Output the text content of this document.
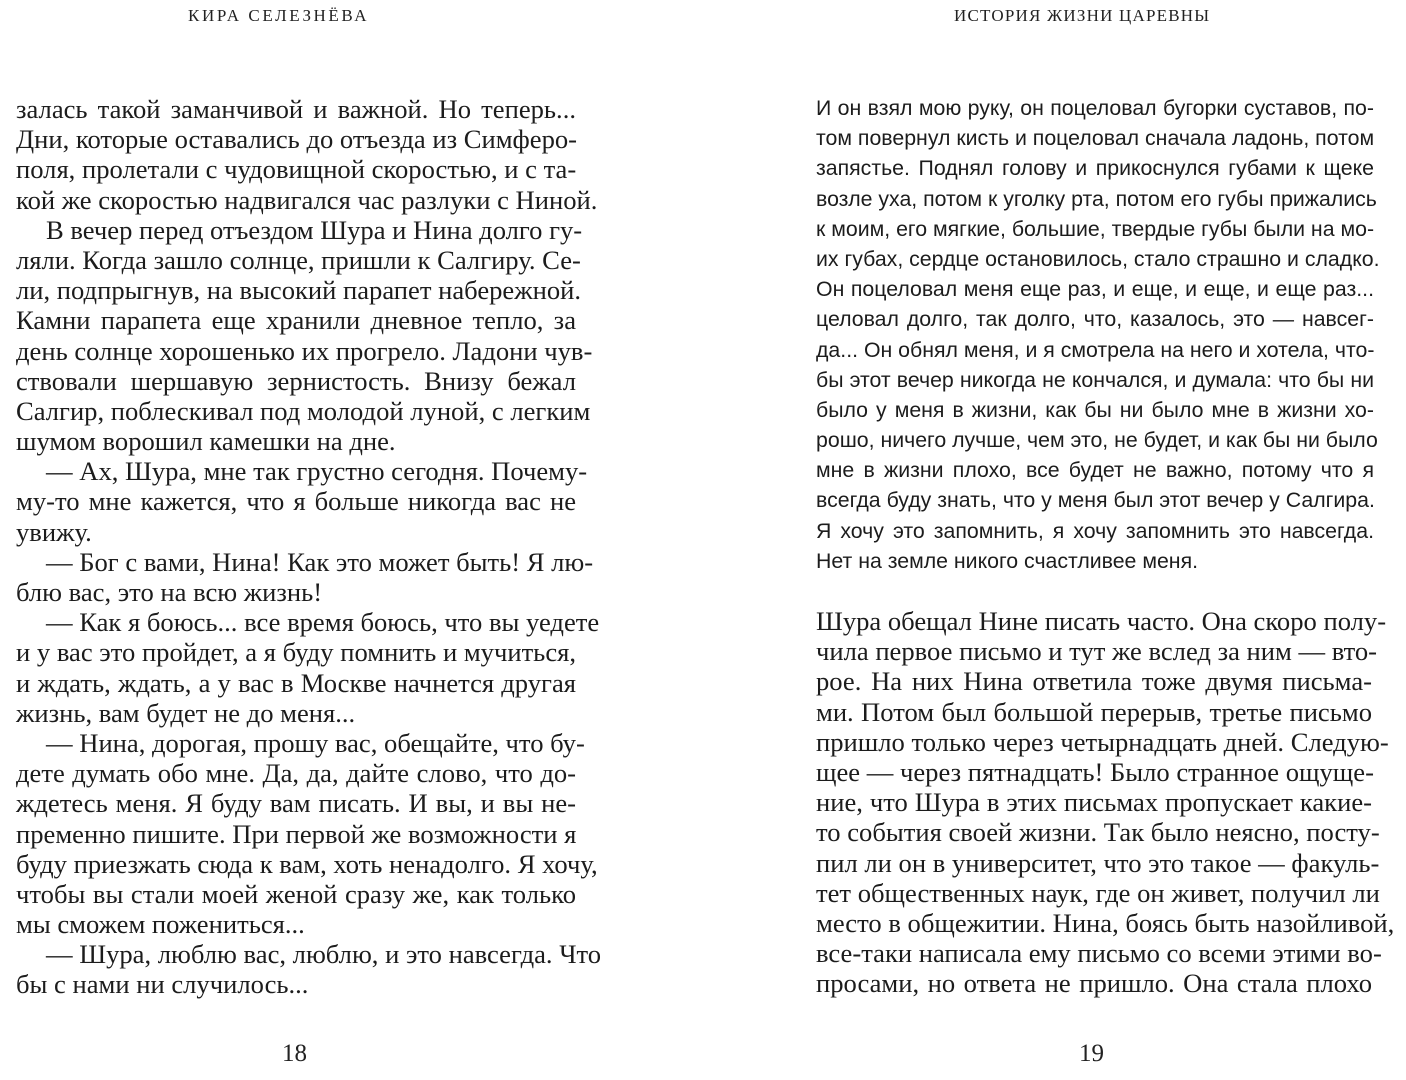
КИРА СЕЛЕЗНЁВА	ИСТОРИЯ ЖИЗНИ ЦАРЕВНЫ
залась такой заманчивой и важной. Но теперь...
Дни, которые оставались до отъезда из Симферо-
поля, пролетали с чудовищной скоростью, и с та-
кой же скоростью надвигался час разлуки с Ниной.
В вечер перед отъездом Шура и Нина долго гу-
ляли. Когда зашло солнце, пришли к Салгиру. Се-
ли, подпрыгнув, на высокий парапет набережной.
Камни парапета еще хранили дневное тепло, за
день солнце хорошенько их прогрело. Ладони чув-
ствовали шершавую зернистость. Внизу бежал
Салгир, поблескивал под молодой луной, с легким
шумом ворошил камешки на дне.
— Ах, Шура, мне так грустно сегодня. Почему-
му-то мне кажется, что я больше никогда вас не
увижу.
— Бог с вами, Нина! Как это может быть! Я лю-
блю вас, это на всю жизнь!
— Как я боюсь... все время боюсь, что вы уедете
и у вас это пройдет, а я буду помнить и мучиться,
и ждать, ждать, а у вас в Москве начнется другая
жизнь, вам будет не до меня...
— Нина, дорогая, прошу вас, обещайте, что бу-
дете думать обо мне. Да, да, дайте слово, что до-
ждетесь меня. Я буду вам писать. И вы, и вы не-
пременно пишите. При первой же возможности я
буду приезжать сюда к вам, хоть ненадолго. Я хочу,
чтобы вы стали моей женой сразу же, как только
мы сможем пожениться...
— Шура, люблю вас, люблю, и это навсегда. Что
бы с нами ни случилось...
И он взял мою руку, он поцеловал бугорки суставов, по-
том повернул кисть и поцеловал сначала ладонь, потом
запястье. Поднял голову и прикоснулся губами к щеке
возле уха, потом к уголку рта, потом его губы прижались
к моим, его мягкие, большие, твердые губы были на мо-
их губах, сердце остановилось, стало страшно и сладко.
Он поцеловал меня еще раз, и еще, и еще, и еще раз...
целовал долго, так долго, что, казалось, это — навсег-
да... Он обнял меня, и я смотрела на него и хотела, что-
бы этот вечер никогда не кончался, и думала: что бы ни
было у меня в жизни, как бы ни было мне в жизни хо-
рошо, ничего лучше, чем это, не будет, и как бы ни было
мне в жизни плохо, все будет не важно, потому что я
всегда буду знать, что у меня был этот вечер у Салгира.
Я хочу это запомнить, я хочу запомнить это навсегда.
Нет на земле никого счастливее меня.
Шура обещал Нине писать часто. Она скоро полу-
чила первое письмо и тут же вслед за ним — вто-
рое. На них Нина ответила тоже двумя письма-
ми. Потом был большой перерыв, третье письмо
пришло только через четырнадцать дней. Следую-
щее — через пятнадцать! Было странное ощуще-
ние, что Шура в этих письмах пропускает какие-
то события своей жизни. Так было неясно, посту-
пил ли он в университет, что это такое — факуль-
тет общественных наук, где он живет, получил ли
место в общежитии. Нина, боясь быть назойливой,
все-таки написала ему письмо со всеми этими во-
просами, но ответа не пришло. Она стала плохо
18	19
